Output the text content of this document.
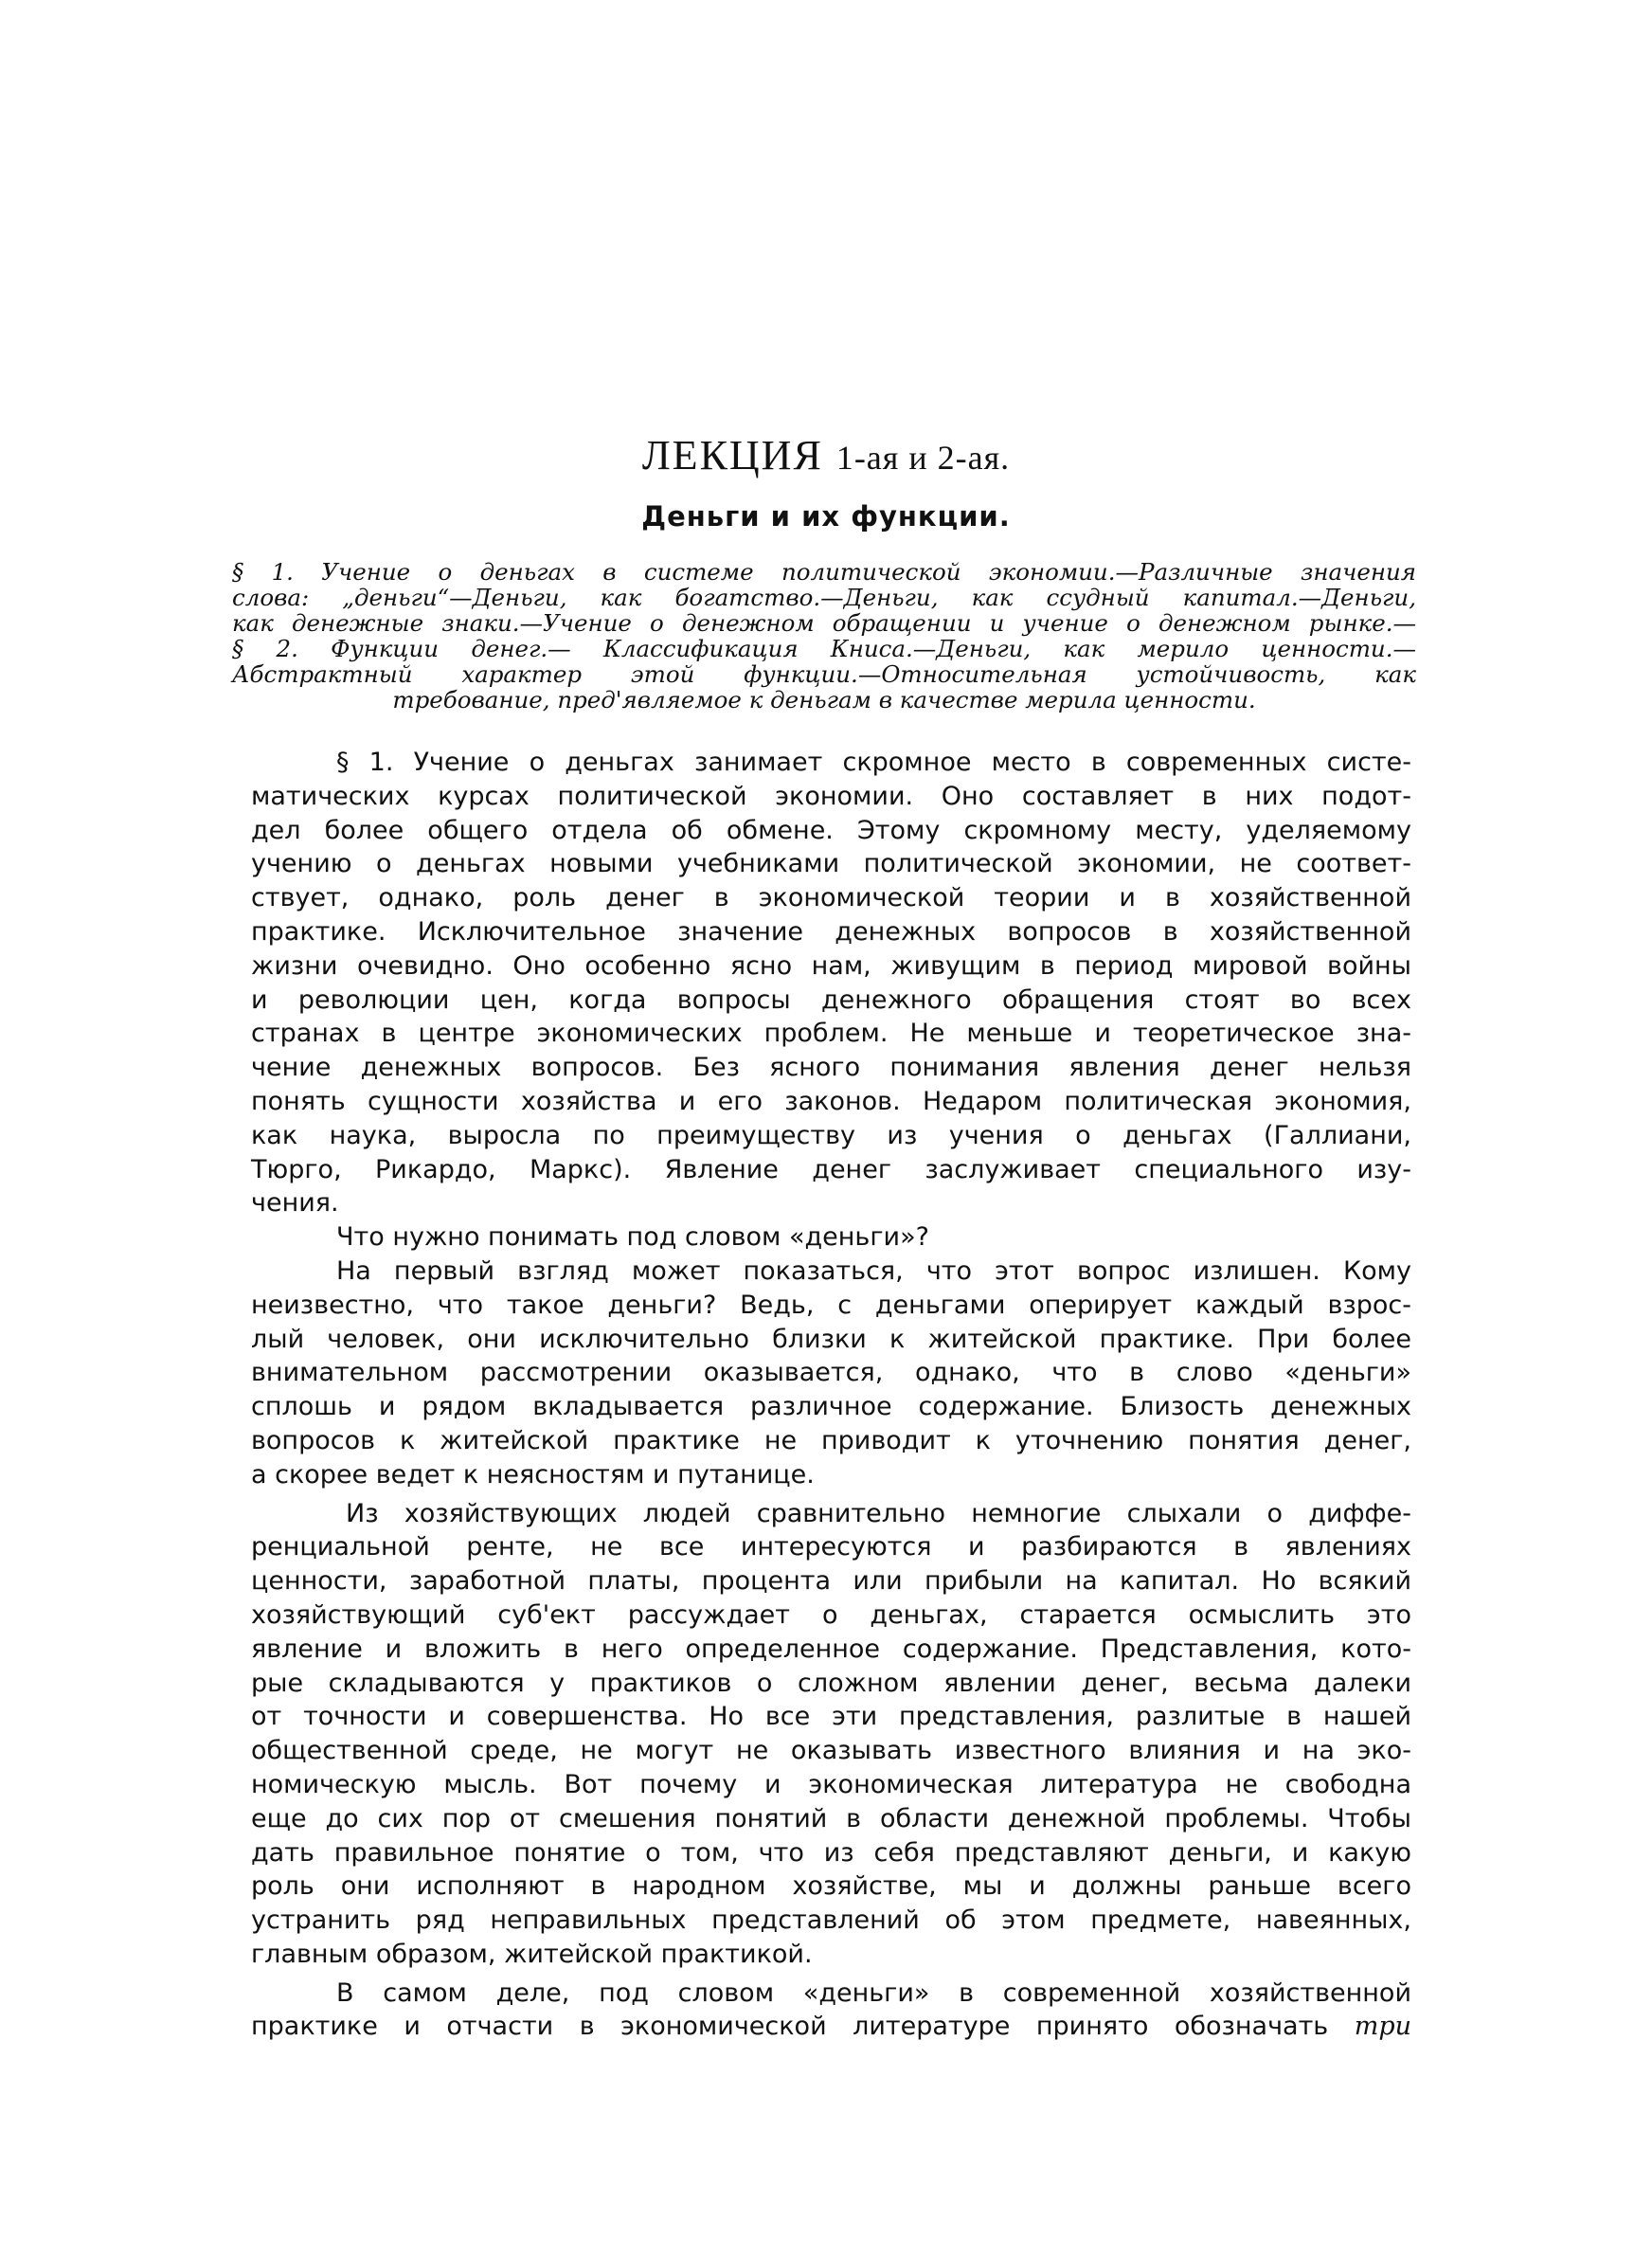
ЛЕКЦИЯ 1-ая и 2-ая.
Деньги и их функции.
§ 1. Учение о деньгах в системе политической экономии.—Различные значения
слова: „деньги“—Деньги, как богатство.—Деньги, как ссудный капитал.—Деньги,
как денежные знаки.—Учение о денежном обращении и учение о денежном рынке.—
§ 2. Функции денег.— Классификация Книса.—Деньги, как мерило ценности.—
Абстрактный характер этой функции.—Относительная устойчивость, как
требование, пред'являемое к деньгам в качестве мерила ценности.
§ 1. Учение о деньгах занимает скромное место в современных систе-
матических курсах политической экономии. Оно составляет в них подот-
дел более общего отдела об обмене. Этому скромному месту, уделяемому
учению о деньгах новыми учебниками политической экономии, не соответ-
ствует, однако, роль денег в экономической теории и в хозяйственной
практике. Исключительное значение денежных вопросов в хозяйственной
жизни очевидно. Оно особенно ясно нам, живущим в период мировой войны
и революции цен, когда вопросы денежного обращения стоят во всех
странах в центре экономических проблем. Не меньше и теоретическое зна-
чение денежных вопросов. Без ясного понимания явления денег нельзя
понять сущности хозяйства и его законов. Недаром политическая экономия,
как наука, выросла по преимуществу из учения о деньгах (Галлиани,
Тюрго, Рикардо, Маркс). Явление денег заслуживает специального изу-
чения.
Что нужно понимать под словом «деньги»?
На первый взгляд может показаться, что этот вопрос излишен. Кому
неизвестно, что такое деньги? Ведь, с деньгами оперирует каждый взрос-
лый человек, они исключительно близки к житейской практике. При более
внимательном рассмотрении оказывается, однако, что в слово «деньги»
сплошь и рядом вкладывается различное содержание. Близость денежных
вопросов к житейской практике не приводит к уточнению понятия денег,
а скорее ведет к неясностям и путанице.
Из хозяйствующих людей сравнительно немногие слыхали о диффе-
ренциальной ренте, не все интересуются и разбираются в явлениях
ценности, заработной платы, процента или прибыли на капитал. Но всякий
хозяйствующий суб'ект рассуждает о деньгах, старается осмыслить это
явление и вложить в него определенное содержание. Представления, кото-
рые складываются у практиков о сложном явлении денег, весьма далеки
от точности и совершенства. Но все эти представления, разлитые в нашей
общественной среде, не могут не оказывать известного влияния и на эко-
номическую мысль. Вот почему и экономическая литература не свободна
еще до сих пор от смешения понятий в области денежной проблемы. Чтобы
дать правильное понятие о том, что из себя представляют деньги, и какую
роль они исполняют в народном хозяйстве, мы и должны раньше всего
устранить ряд неправильных представлений об этом предмете, навеянных,
главным образом, житейской практикой.
В самом деле, под словом «деньги» в современной хозяйственной
практике и отчасти в экономической литературе принято обозначать три
